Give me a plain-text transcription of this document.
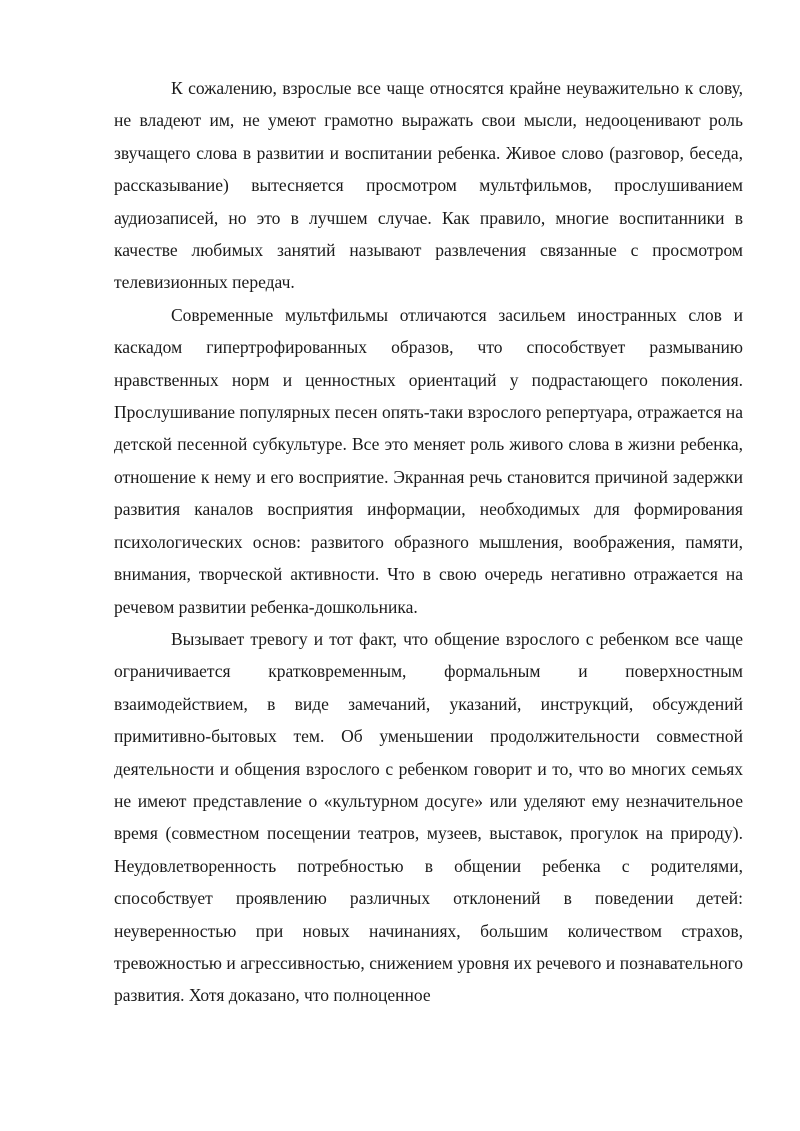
К сожалению, взрослые все чаще относятся крайне неуважительно к слову, не владеют им, не умеют грамотно выражать свои мысли, недооценивают роль звучащего слова в развитии и воспитании ребенка. Живое слово (разговор, беседа, рассказывание) вытесняется просмотром мультфильмов, прослушиванием аудиозаписей, но это в лучшем случае. Как правило, многие воспитанники в качестве любимых занятий называют развлечения связанные с просмотром телевизионных передач.

Современные мультфильмы отличаются засильем иностранных слов и каскадом гипертрофированных образов, что способствует размыванию нравственных норм и ценностных ориентаций у подрастающего поколения. Прослушивание популярных песен опять-таки взрослого репертуара, отражается на детской песенной субкультуре. Все это меняет роль живого слова в жизни ребенка, отношение к нему и его восприятие. Экранная речь становится причиной задержки развития каналов восприятия информации, необходимых для формирования психологических основ: развитого образного мышления, воображения, памяти, внимания, творческой активности. Что в свою очередь негативно отражается на речевом развитии ребенка-дошкольника.

Вызывает тревогу и тот факт, что общение взрослого с ребенком все чаще ограничивается кратковременным, формальным и поверхностным взаимодействием, в виде замечаний, указаний, инструкций, обсуждений примитивно-бытовых тем. Об уменьшении продолжительности совместной деятельности и общения взрослого с ребенком говорит и то, что во многих семьях не имеют представление о «культурном досуге» или уделяют ему незначительное время (совместном посещении театров, музеев, выставок, прогулок на природу). Неудовлетворенность потребностью в общении ребенка с родителями, способствует проявлению различных отклонений в поведении детей: неуверенностью при новых начинаниях, большим количеством страхов, тревожностью и агрессивностью, снижением уровня их речевого и познавательного развития. Хотя доказано, что полноценное
